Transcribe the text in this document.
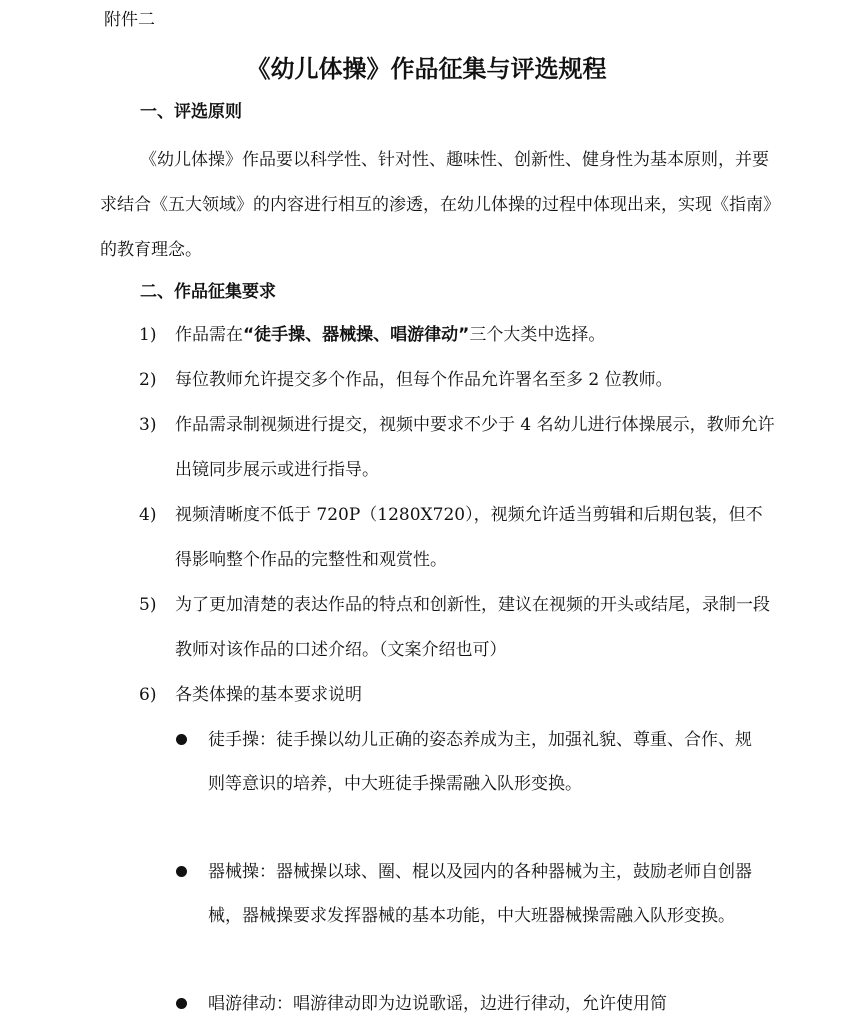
附件二
《幼儿体操》作品征集与评选规程
一、评选原则

《幼儿体操》作品要以科学性、针对性、趣味性、创新性、健身性为基本原则，并要求结合《五大领域》的内容进行相互的渗透，在幼儿体操的过程中体现出来，实现《指南》的教育理念。

二、作品征集要求
1) 作品需在“徒手操、器械操、唱游律动”三个大类中选择。
2) 每位教师允许提交多个作品，但每个作品允许署名至多 2 位教师。
3) 作品需录制视频进行提交，视频中要求不少于 4 名幼儿进行体操展示，教师允许出镜同步展示或进行指导。
4) 视频清晰度不低于 720P（1280X720），视频允许适当剪辑和后期包装，但不得影响整个作品的完整性和观赏性。
5) 为了更加清楚的表达作品的特点和创新性，建议在视频的开头或结尾，录制一段教师对该作品的口述介绍。（文案介绍也可）
6) 各类体操的基本要求说明
徒手操：徒手操以幼儿正确的姿态养成为主，加强礼貌、尊重、合作、规则等意识的培养，中大班徒手操需融入队形变换。
器械操：器械操以球、圈、棍以及园内的各种器械为主，鼓励老师自创器械，器械操要求发挥器械的基本功能，中大班器械操需融入队形变换。
唱游律动：唱游律动即为边说歌谣，边进行律动，允许使用简
